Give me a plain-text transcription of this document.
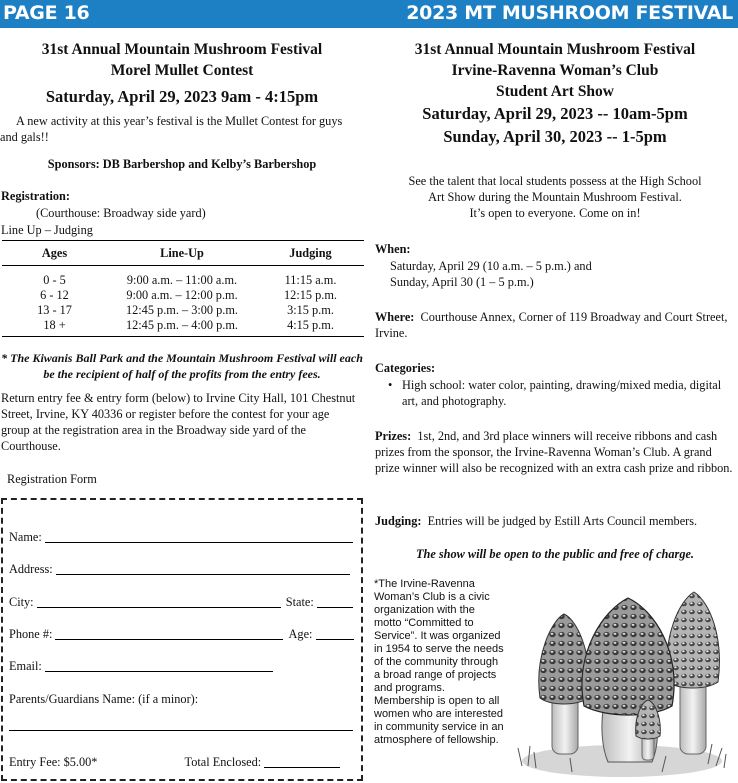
PAGE 16	2023 MT MUSHROOM FESTIVAL
31st Annual Mountain Mushroom Festival
Morel Mullet Contest
Saturday, April 29, 2023 9am - 4:15pm

A new activity at this year’s festival is the Mullet Contest for guys and gals!!

Sponsors: DB Barbershop and Kelby’s Barbershop

Registration:

(Courthouse: Broadway side yard)

Line Up – Judging

Ages	Line-Up	Judging
0 - 5	9:00 a.m. – 11:00 a.m.	11:15 a.m.
6 - 12	9:00 a.m. – 12:00 p.m.	12:15 p.m.
13 - 17	12:45 p.m. – 3:00 p.m.	3:15 p.m.
18 +	12:45 p.m. – 4:00 p.m.	4:15 p.m.

* The Kiwanis Ball Park and the Mountain Mushroom Festival will each be the recipient of half of the profits from the entry fees.

Return entry fee & entry form (below) to Irvine City Hall, 101 Chestnut Street, Irvine, KY 40336 or register before the contest for your age group at the registration area in the Broadway side yard of the Courthouse.

Registration Form

Name:
Address:
City:	State:
Phone #:	Age:
Email:
Parents/Guardians Name: (if a minor):
Entry Fee: $5.00*	Total Enclosed:
31st Annual Mountain Mushroom Festival
Irvine-Ravenna Woman’s Club
Student Art Show
Saturday, April 29, 2023 -- 10am-5pm
Sunday, April 30, 2023 -- 1-5pm

See the talent that local students possess at the High School

Art Show during the Mountain Mushroom Festival.

It’s open to everyone. Come on in!

When:

Saturday, April 29 (10 a.m. – 5 p.m.) and

Sunday, April 30 (1 – 5 p.m.)

Where: Courthouse Annex, Corner of 119 Broadway and Court Street, Irvine.

Categories:

• High school: water color, painting, drawing/mixed media, digital art, and photography.

Prizes: 1st, 2nd, and 3rd place winners will receive ribbons and cash prizes from the sponsor, the Irvine-Ravenna Woman’s Club. A grand prize winner will also be recognized with an extra cash prize and ribbon.

Judging: Entries will be judged by Estill Arts Council members.

The show will be open to the public and free of charge.

*The Irvine-Ravenna Woman’s Club is a civic organization with the motto “Committed to Service”. It was organized in 1954 to serve the needs of the community through a broad range of projects and programs. Membership is open to all women who are interested in community service in an atmosphere of fellowship.
